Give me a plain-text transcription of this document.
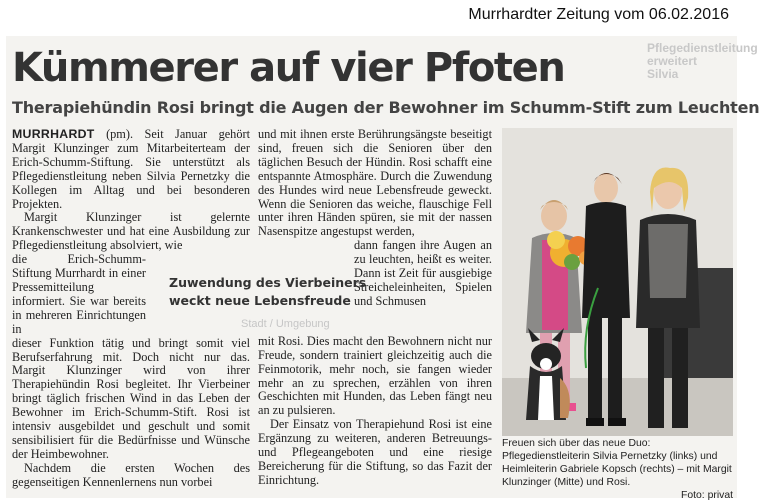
Murrhardter Zeitung vom 06.02.2016
Pflegedienstleitung
erweitert
Silvia
Kümmerer auf vier Pfoten
Therapiehündin Rosi bringt die Augen der Bewohner im Schumm-Stift zum Leuchten

MURRHARDT (pm). Seit Januar gehört Margit Klunzinger zum Mitarbeiterteam der Erich-Schumm-Stiftung. Sie unterstützt als Pflegedienstleitung neben Silvia Pernetzky die Kollegen im Alltag und bei besonderen Projekten.

Margit Klunzinger ist gelernte Krankenschwester und hat eine Ausbildung zur Pflegedienstleitung absolviert, wie

die Erich-Schumm-Stiftung Murrhardt in einer Pressemitteilung informiert. Sie war bereits in mehreren Einrichtungen in

dieser Funktion tätig und bringt somit viel Berufserfahrung mit. Doch nicht nur das. Margit Klunzinger wird von ihrer Therapiehündin Rosi begleitet. Ihr Vierbeiner bringt täglich frischen Wind in das Leben der Bewohner im Erich-Schumm-Stift. Rosi ist intensiv ausgebildet und geschult und somit sensibilisiert für die Bedürfnisse und Wünsche der Heimbewohner.

Nachdem die ersten Wochen des gegenseitigen Kennenlernens nun vorbei

und mit ihnen erste Berührungsängste beseitigt sind, freuen sich die Senioren über den täglichen Besuch der Hündin. Rosi schafft eine entspannte Atmosphäre. Durch die Zuwendung des Hundes wird neue Lebensfreude geweckt. Wenn die Senioren das weiche, flauschige Fell unter ihren Händen spüren, sie mit der nassen Nasenspitze angestupst werden,

dann fangen ihre Augen an zu leuchten, heißt es weiter. Dann ist Zeit für ausgiebige Streicheleinheiten, Spielen und Schmusen

mit Rosi. Dies macht den Bewohnern nicht nur Freude, sondern trainiert gleichzeitig auch die Feinmotorik, mehr noch, sie fangen wieder mehr an zu sprechen, erzählen von ihren Geschichten mit Hunden, das Leben fängt neu an zu pulsieren.

Der Einsatz von Therapiehund Rosi ist eine Ergänzung zu weiteren, anderen Betreuungs- und Pflegeangeboten und eine riesige Bereicherung für die Stiftung, so das Fazit der Einrichtung.

Zuwendung des Vierbeiners
weckt neue Lebensfreude
Stadt / Umgebung
Freuen sich über das neue Duo: Pflegedienstleiterin Silvia Pernetzky (links) und Heimleiterin Gabriele Kopsch (rechts) – mit Margit Klunzinger (Mitte) und Rosi.
Foto: privat
